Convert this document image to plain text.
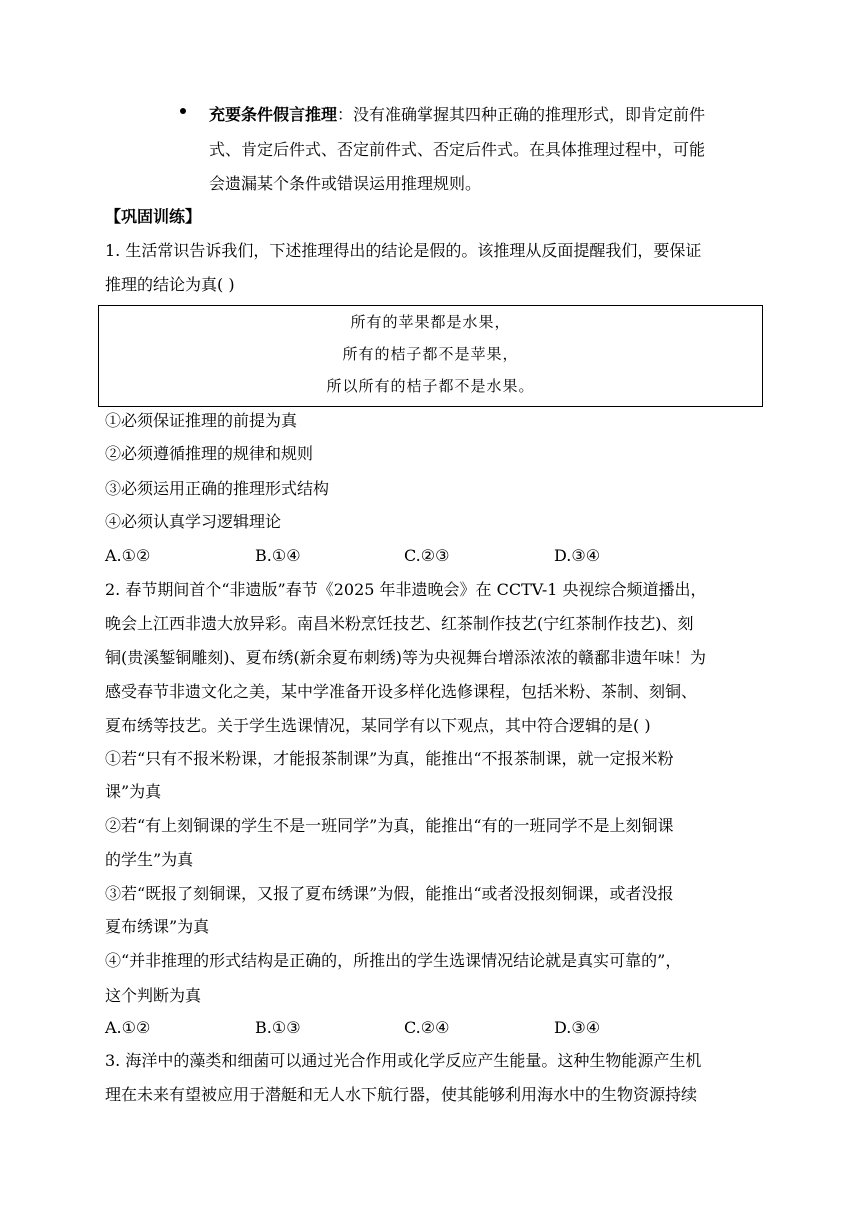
充要条件假言推理：没有准确掌握其四种正确的推理形式，即肯定前件
式、肯定后件式、否定前件式、否定后件式。在具体推理过程中，可能
会遗漏某个条件或错误运用推理规则。
【巩固训练】
1. 生活常识告诉我们，下述推理得出的结论是假的。该推理从反面提醒我们，要保证
推理的结论为真( )
所有的苹果都是水果，
所有的桔子都不是苹果，
所以所有的桔子都不是水果。
①必须保证推理的前提为真
②必须遵循推理的规律和规则
③必须运用正确的推理形式结构
④必须认真学习逻辑理论
A.①②	B.①④	C.②③	D.③④
2. 春节期间首个“非遗版”春节《2025 年非遗晚会》在 CCTV-1 央视综合频道播出，
晚会上江西非遗大放异彩。南昌米粉烹饪技艺、红茶制作技艺(宁红茶制作技艺)、刻
铜(贵溪錾铜雕刻)、夏布绣(新余夏布刺绣)等为央视舞台增添浓浓的赣鄱非遗年味！为
感受春节非遗文化之美，某中学准备开设多样化选修课程，包括米粉、茶制、刻铜、
夏布绣等技艺。关于学生选课情况，某同学有以下观点，其中符合逻辑的是( )
①若“只有不报米粉课，才能报茶制课”为真，能推出“不报茶制课，就一定报米粉
课”为真
②若“有上刻铜课的学生不是一班同学”为真，能推出“有的一班同学不是上刻铜课
的学生”为真
③若“既报了刻铜课，又报了夏布绣课”为假，能推出“或者没报刻铜课，或者没报
夏布绣课”为真
④“并非推理的形式结构是正确的，所推出的学生选课情况结论就是真实可靠的”，
这个判断为真
A.①②	B.①③	C.②④	D.③④
3. 海洋中的藻类和细菌可以通过光合作用或化学反应产生能量。这种生物能源产生机
理在未来有望被应用于潜艇和无人水下航行器，使其能够利用海水中的生物资源持续
